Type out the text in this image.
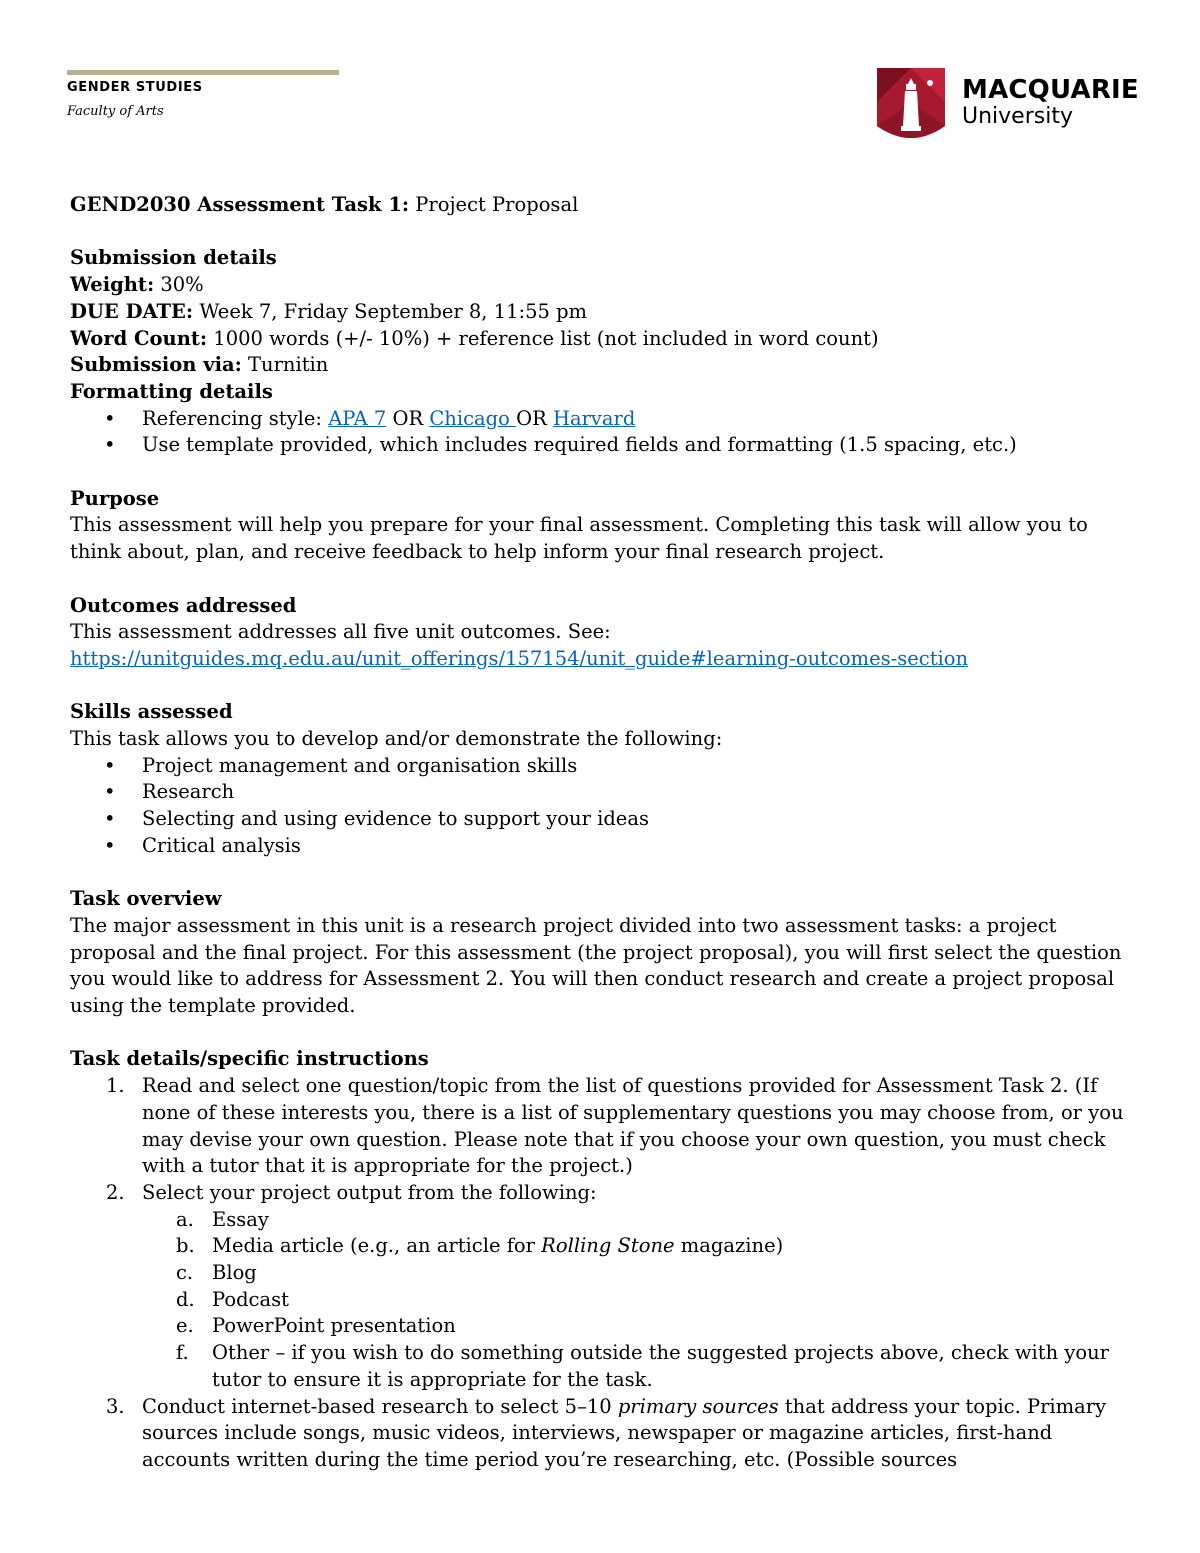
GENDER STUDIES
Faculty of Arts
MACQUARIE
University

GEND2030 Assessment Task 1: Project Proposal

Submission details

Weight: 30%

DUE DATE: Week 7, Friday September 8, 11:55 pm

Word Count: 1000 words (+/- 10%) + reference list (not included in word count)

Submission via: Turnitin

Formatting details

• Referencing style: APA 7 OR Chicago OR Harvard
• Use template provided, which includes required fields and formatting (1.5 spacing, etc.)

Purpose

This assessment will help you prepare for your final assessment. Completing this task will allow you to think about, plan, and receive feedback to help inform your final research project.

Outcomes addressed

This assessment addresses all five unit outcomes. See:

https://unitguides.mq.edu.au/unit_offerings/157154/unit_guide#learning-outcomes-section

Skills assessed

This task allows you to develop and/or demonstrate the following:

• Project management and organisation skills
• Research
• Selecting and using evidence to support your ideas
• Critical analysis

Task overview

The major assessment in this unit is a research project divided into two assessment tasks: a project proposal and the final project. For this assessment (the project proposal), you will first select the question you would like to address for Assessment 2. You will then conduct research and create a project proposal using the template provided.

Task details/specific instructions

1. Read and select one question/topic from the list of questions provided for Assessment Task 2. (If none of these interests you, there is a list of supplementary questions you may choose from, or you may devise your own question. Please note that if you choose your own question, you must check with a tutor that it is appropriate for the project.)
2. Select your project output from the following:
a. Essay
b. Media article (e.g., an article for Rolling Stone magazine)
c. Blog
d. Podcast
e. PowerPoint presentation
f. Other – if you wish to do something outside the suggested projects above, check with your tutor to ensure it is appropriate for the task.
3. Conduct internet-based research to select 5–10 primary sources that address your topic. Primary sources include songs, music videos, interviews, newspaper or magazine articles, first-hand accounts written during the time period you’re researching, etc. (Possible sources
